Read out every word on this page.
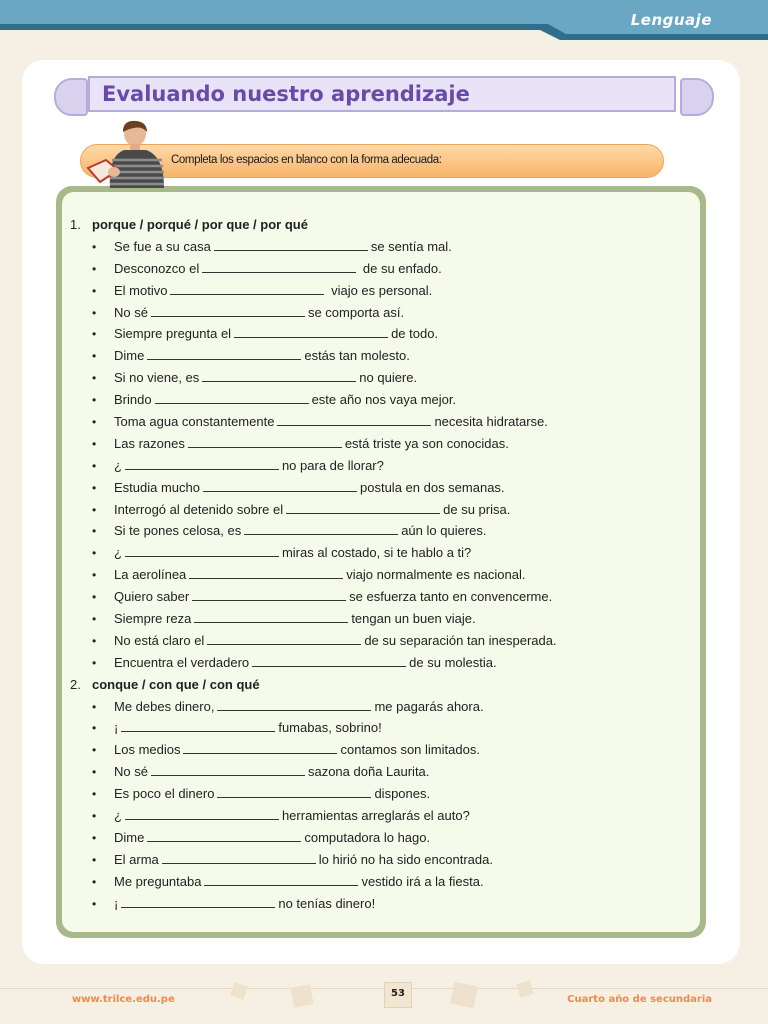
Lenguaje
Evaluando nuestro aprendizaje
Completa los espacios en blanco con la forma adecuada:
1. porque / porqué / por que / por qué
• Se fue a su casa	se sentía mal.
• Desconozco el	de su enfado.
• El motivo	viajo es personal.
• No sé	se comporta así.
• Siempre pregunta el	de todo.
• Dime	estás tan molesto.
• Si no viene, es	no quiere.
• Brindo	este año nos vaya mejor.
• Toma agua constantemente	necesita hidratarse.
• Las razones	está triste ya son conocidas.
• ¿	no para de llorar?
• Estudia mucho	postula en dos semanas.
• Interrogó al detenido sobre el	de su prisa.
• Si te pones celosa, es	aún lo quieres.
• ¿	miras al costado, si te hablo a ti?
• La aerolínea	viajo normalmente es nacional.
• Quiero saber	se esfuerza tanto en convencerme.
• Siempre reza	tengan un buen viaje.
• No está claro el	de su separación tan inesperada.
• Encuentra el verdadero	de su molestia.
2. conque / con que / con qué
• Me debes dinero,	me pagarás ahora.
• ¡	fumabas, sobrino!
• Los medios	contamos son limitados.
• No sé	sazona doña Laurita.
• Es poco el dinero	dispones.
• ¿	herramientas arreglarás el auto?
• Dime	computadora lo hago.
• El arma	lo hirió no ha sido encontrada.
• Me preguntaba	vestido irá a la fiesta.
• ¡	no tenías dinero!
www.trilce.edu.pe
53
Cuarto año de secundaria
